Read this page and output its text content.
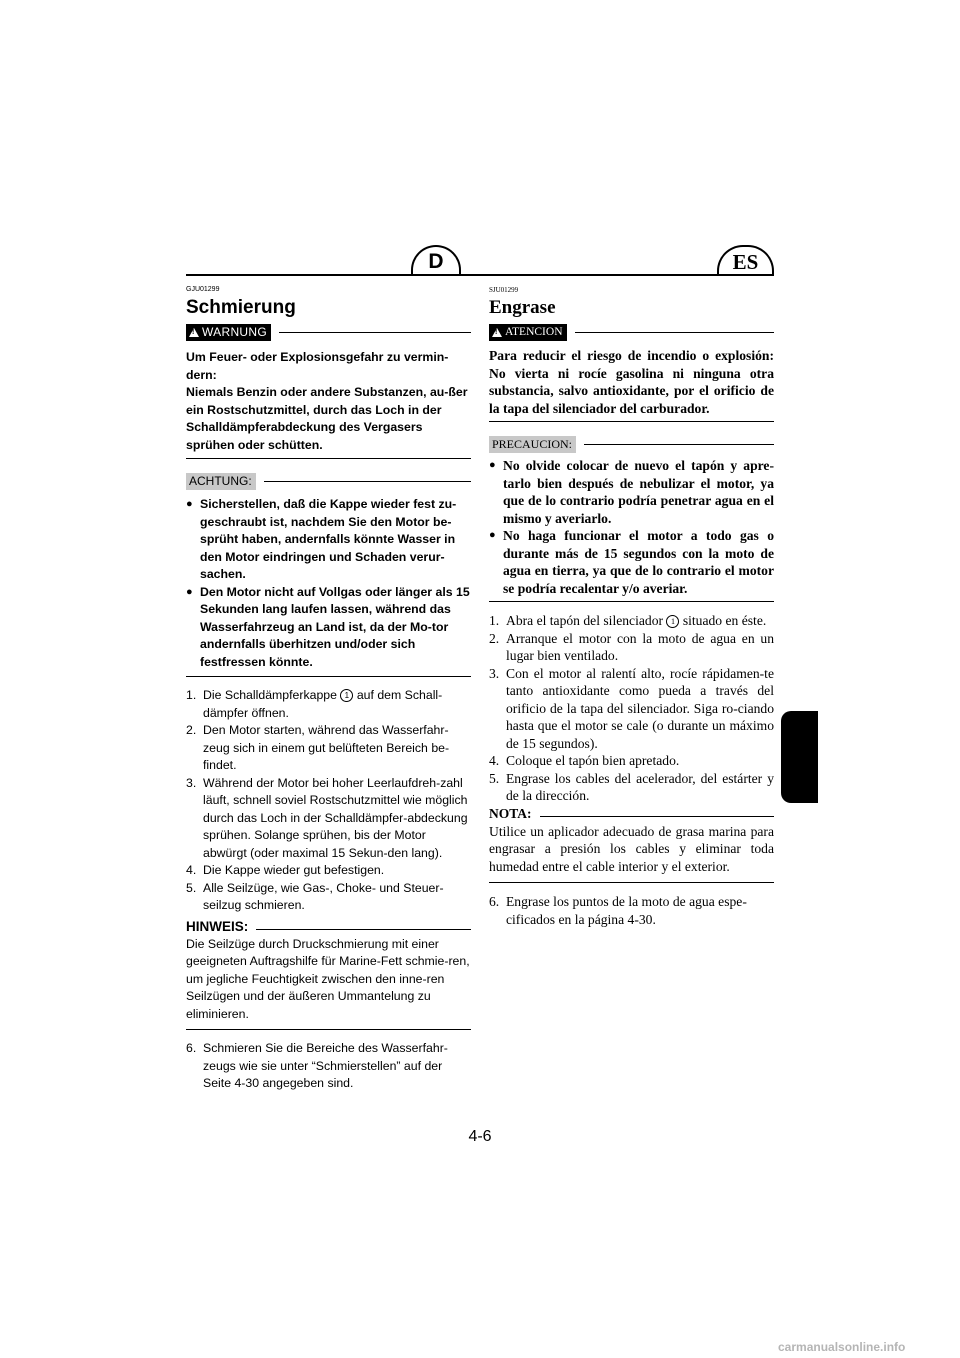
D	ES
GJU01299
Schmierung
!
WARNUNG

Um Feuer- oder Explosionsgefahr zu vermin-dern:
Niemals Benzin oder andere Substanzen, au-ßer ein Rostschutzmittel, durch das Loch in der Schalldämpferabdeckung des Vergasers sprühen oder schütten.

ACHTUNG:
● Sicherstellen, daß die Kappe wieder fest zu-geschraubt ist, nachdem Sie den Motor be-sprüht haben, andernfalls könnte Wasser in den Motor eindringen und Schaden verur-sachen.
● Den Motor nicht auf Vollgas oder länger als 15 Sekunden lang laufen lassen, während das Wasserfahrzeug an Land ist, da der Mo-tor andernfalls überhitzen und/oder sich festfressen könnte.
1. Die Schalldämpferkappe 1 auf dem Schall-dämpfer öffnen.
2. Den Motor starten, während das Wasserfahr-zeug sich in einem gut belüfteten Bereich be-findet.
3. Während der Motor bei hoher Leerlaufdreh-zahl läuft, schnell soviel Rostschutzmittel wie möglich durch das Loch in der Schalldämpfer-abdeckung sprühen. Solange sprühen, bis der Motor abwürgt (oder maximal 15 Sekun-den lang).
4. Die Kappe wieder gut befestigen.
5. Alle Seilzüge, wie Gas-, Choke- und Steuer-seilzug schmieren.
HINWEIS:

Die Seilzüge durch Druckschmierung mit einer geeigneten Auftragshilfe für Marine-Fett schmie-ren, um jegliche Feuchtigkeit zwischen den inne-ren Seilzügen und der äußeren Ummantelung zu eliminieren.

6. Schmieren Sie die Bereiche des Wasserfahr-zeugs wie sie unter “Schmierstellen” auf der Seite 4-30 angegeben sind.
SJU01299
Engrase
!
ATENCION

Para reducir el riesgo de incendio o explosión: No vierta ni rocíe gasolina ni ninguna otra substancia, salvo antioxidante, por el orificio de la tapa del silenciador del carburador.

PRECAUCION:
● No olvide colocar de nuevo el tapón y apre-tarlo bien después de nebulizar el motor, ya que de lo contrario podría penetrar agua en el mismo y averiarlo.
● No haga funcionar el motor a todo gas o durante más de 15 segundos con la moto de agua en tierra, ya que de lo contrario el motor se podría recalentar y/o averiar.
1. Abra el tapón del silenciador 1 situado en éste.
2. Arranque el motor con la moto de agua en un lugar bien ventilado.
3. Con el motor al ralentí alto, rocíe rápidamen-te tanto antioxidante como pueda a través del orificio de la tapa del silenciador. Siga ro-ciando hasta que el motor se cale (o durante un máximo de 15 segundos).
4. Coloque el tapón bien apretado.
5. Engrase los cables del acelerador, del estárter y de la dirección.
NOTA:

Utilice un aplicador adecuado de grasa marina para engrasar a presión los cables y eliminar toda humedad entre el cable interior y el exterior.

6. Engrase los puntos de la moto de agua espe-cificados en la página 4-30.
4-6
carmanualsonline.info
